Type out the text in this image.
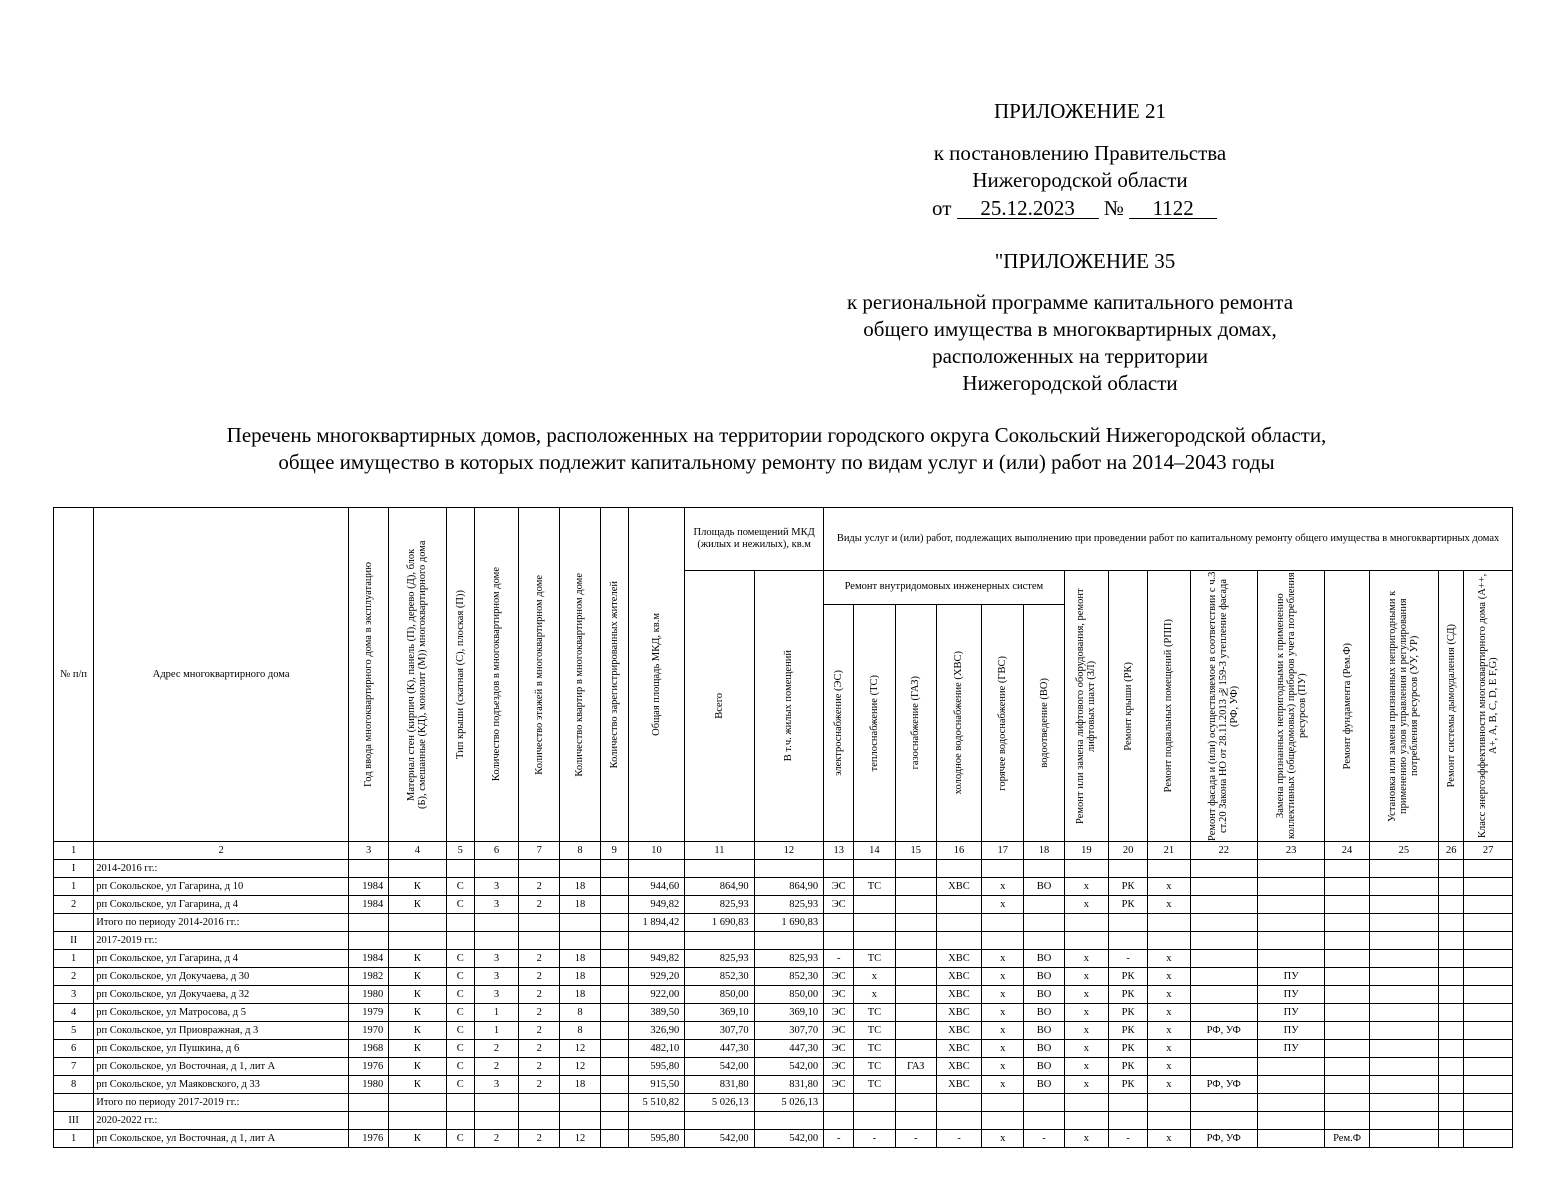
ПРИЛОЖЕНИЕ 21
к постановлению Правительства
Нижегородской области
от 25.12.2023 № 1122
"ПРИЛОЖЕНИЕ 35
к региональной программе капитального ремонта
общего имущества в многоквартирных домах,
расположенных на территории
Нижегородской области
Перечень многоквартирных домов, расположенных на территории городского округа Сокольский Нижегородской области,
общее имущество в которых подлежит капитальному ремонту по видам услуг и (или) работ на 2014–2043 годы
№ п/п	Адрес многоквартирного дома	Год ввода многоквартирного дома в эксплуатацию	Материал стен (кирпич (К), панель (П), дерево (Д), блок (Б), смешанные (КД), монолит (М)) многоквартирного дома	Тип крыши (скатная (С), плоская (П))	Количество подъездов в многоквартирном доме	Количество этажей в многоквартирном доме	Количество квартир в многоквартирном доме	Количество зарегистрированных жителей	Общая площадь МКД, кв.м	Площадь помещений МКД (жилых и нежилых), кв.м		Виды услуг и (или) работ, подлежащих выполнению при проведении работ по капитальному ремонту общего имущества в многоквартирных домах														

										Всего	В т.ч. жилых помещений	Ремонт внутридомовых инженерных систем						Ремонт или замена лифтового оборудования, ремонт лифтовых шахт (ЗЛ)	Ремонт крыши (РК)	Ремонт подвальных помещений (РПП)	Ремонт фасада и (или) осуществляемое в соответствии с ч.3 ст.20 Закона НО от 28.11.2013 №159-З утепление фасада (РФ, УФ)	Замена признанных непригодными к применению коллективных (общедомовых) приборов учета потребления ресурсов (ПУ)	Ремонт фундамента (Рем.Ф)	Установка или замена признанных непригодными к применению узлов управления и регулирования потребления ресурсов (УУ, УР)	Ремонт системы дымоудаления (СД)	Класс энергоэффективности многоквартирного дома (А++, А+, А, В, С, D, E F,G)

												электроснабжение (ЭС)	теплоснабжение (ТС)	газоснабжение (ГАЗ)	холодное водоснабжение (ХВС)	горячее водоснабжение (ГВС)	водоотведение (ВО)									

1	2	3	4	5	6	7	8	9	10	11	12	13	14	15	16	17	18	19	20	21	22	23	24	25	26	27
I	2014-2016 гг.:																									
1	рп Сокольское, ул Гагарина, д 10	1984	К	С	3	2	18		944,60	864,90	864,90	ЭС	ТС		ХВС	х	ВО	х	РК	х						
2	рп Сокольское, ул Гагарина, д 4	1984	К	С	3	2	18		949,82	825,93	825,93	ЭС				х		х	РК	х						
	Итого по периоду 2014-2016 гг.:								1 894,42	1 690,83	1 690,83															
II	2017-2019 гг.:																									
1	рп Сокольское, ул Гагарина, д 4	1984	К	С	3	2	18		949,82	825,93	825,93	-	ТС		ХВС	х	ВО	х	-	х						
2	рп Сокольское, ул Докучаева, д 30	1982	К	С	3	2	18		929,20	852,30	852,30	ЭС	х		ХВС	х	ВО	х	РК	х		ПУ				
3	рп Сокольское, ул Докучаева, д 32	1980	К	С	3	2	18		922,00	850,00	850,00	ЭС	х		ХВС	х	ВО	х	РК	х		ПУ				
4	рп Сокольское, ул Матросова, д 5	1979	К	С	1	2	8		389,50	369,10	369,10	ЭС	ТС		ХВС	х	ВО	х	РК	х		ПУ				
5	рп Сокольское, ул Приовражная, д 3	1970	К	С	1	2	8		326,90	307,70	307,70	ЭС	ТС		ХВС	х	ВО	х	РК	х	РФ, УФ	ПУ				
6	рп Сокольское, ул Пушкина, д 6	1968	К	С	2	2	12		482,10	447,30	447,30	ЭС	ТС		ХВС	х	ВО	х	РК	х		ПУ				
7	рп Сокольское, ул Восточная, д 1, лит А	1976	К	С	2	2	12		595,80	542,00	542,00	ЭС	ТС	ГАЗ	ХВС	х	ВО	х	РК	х						
8	рп Сокольское, ул Маяковского, д 33	1980	К	С	3	2	18		915,50	831,80	831,80	ЭС	ТС		ХВС	х	ВО	х	РК	х	РФ, УФ					
	Итого по периоду 2017-2019 гг.:								5 510,82	5 026,13	5 026,13															
III	2020-2022 гг.:																									
1	рп Сокольское, ул Восточная, д 1, лит А	1976	К	С	2	2	12		595,80	542,00	542,00	-	-	-	-	х	-	х	-	х	РФ, УФ		Рем.Ф			
